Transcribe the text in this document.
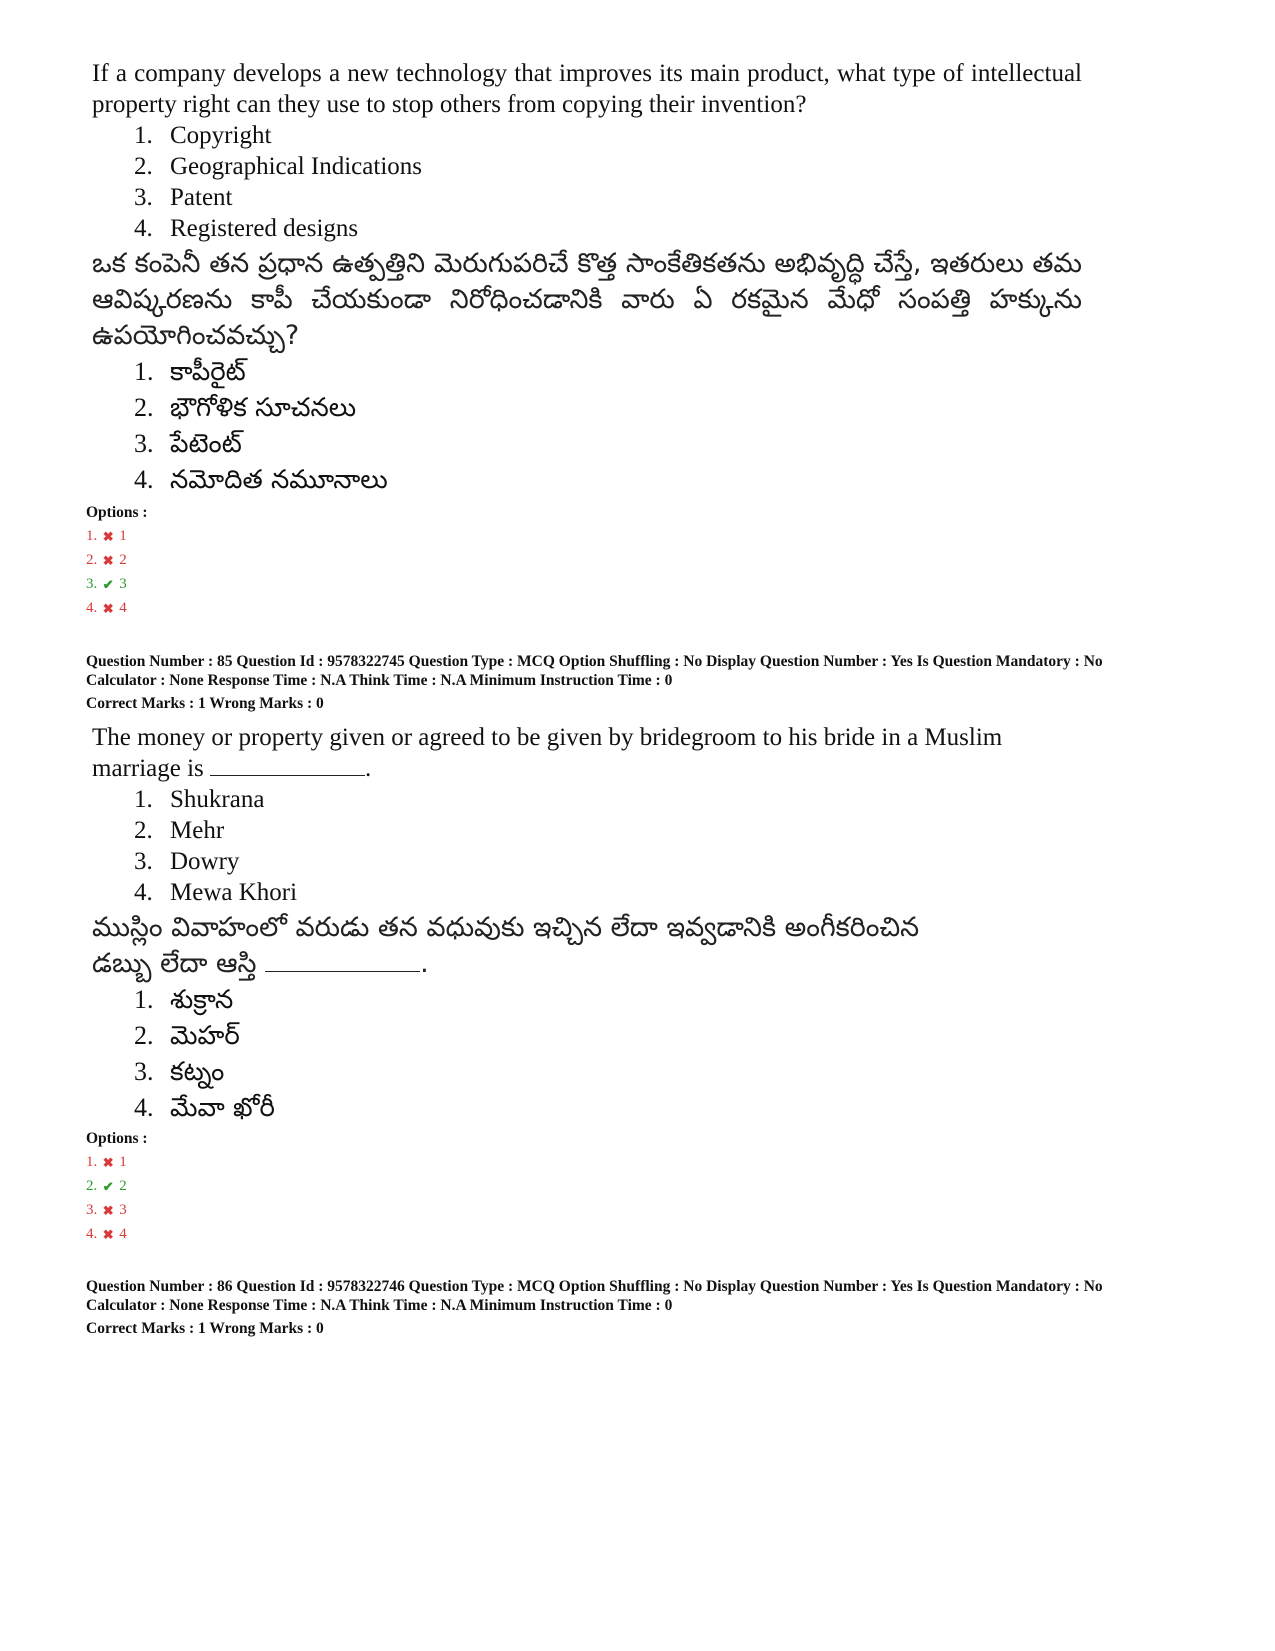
If a company develops a new technology that improves its main product, what type of intellectual property right can they use to stop others from copying their invention?

1. Copyright
2. Geographical Indications
3. Patent
4. Registered designs

ఒక కంపెనీ తన ప్రధాన ఉత్పత్తిని మెరుగుపరిచే కొత్త సాంకేతికతను అభివృద్ధి చేస్తే, ఇతరులు తమ ఆవిష్కరణను కాపీ చేయకుండా నిరోధించడానికి వారు ఏ రకమైన మేధో సంపత్తి హక్కును ఉపయోగించవచ్చు?

1. కాపీరైట్
2. భౌగోళిక సూచనలు
3. పేటెంట్
4. నమోదిత నమూనాలు
Options :
1. ✖ 1
2. ✖ 2
3. ✔ 3
4. ✖ 4
Question Number : 85 Question Id : 9578322745 Question Type : MCQ Option Shuffling : No Display Question Number : Yes Is Question Mandatory : No
Calculator : None Response Time : N.A Think Time : N.A Minimum Instruction Time : 0
Correct Marks : 1 Wrong Marks : 0

The money or property given or agreed to be given by bridegroom to his bride in a Muslim

marriage is	.

1. Shukrana
2. Mehr
3. Dowry
4. Mewa Khori

ముస్లిం వివాహంలో వరుడు తన వధువుకు ఇచ్చిన లేదా ఇవ్వడానికి అంగీకరించిన

డబ్బు లేదా ఆస్తి	.

1. శుక్రాన
2. మెహర్
3. కట్నం
4. మేవా ఖోరీ
Options :
1. ✖ 1
2. ✔ 2
3. ✖ 3
4. ✖ 4
Question Number : 86 Question Id : 9578322746 Question Type : MCQ Option Shuffling : No Display Question Number : Yes Is Question Mandatory : No
Calculator : None Response Time : N.A Think Time : N.A Minimum Instruction Time : 0
Correct Marks : 1 Wrong Marks : 0
